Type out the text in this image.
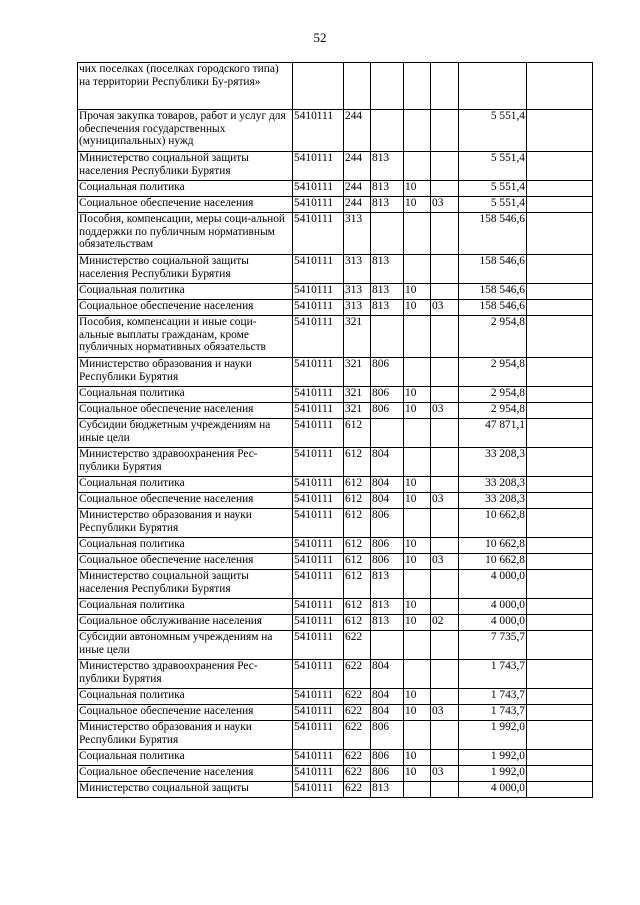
52
чих поселках (поселках городского типа) на территории Республики Бу-рятия»							
Прочая закупка товаров, работ и услуг для обеспечения государственных (муниципальных) нужд	5410111	244				5 551,4	
Министерство социальной защиты населения Республики Бурятия	5410111	244	813			5 551,4	
Социальная политика	5410111	244	813	10		5 551,4	
Социальное обеспечение населения	5410111	244	813	10	03	5 551,4	
Пособия, компенсации, меры соци-альной поддержки по публичным нормативным обязательствам	5410111	313				158 546,6	
Министерство социальной защиты населения Республики Бурятия	5410111	313	813			158 546,6	
Социальная политика	5410111	313	813	10		158 546,6	
Социальное обеспечение населения	5410111	313	813	10	03	158 546,6	
Пособия, компенсации и иные соци-альные выплаты гражданам, кроме публичных нормативных обязательств	5410111	321				2 954,8	
Министерство образования и науки Республики Бурятия	5410111	321	806			2 954,8	
Социальная политика	5410111	321	806	10		2 954,8	
Социальное обеспечение населения	5410111	321	806	10	03	2 954,8	
Субсидии бюджетным учреждениям на иные цели	5410111	612				47 871,1	
Министерство здравоохранения Рес-публики Бурятия	5410111	612	804			33 208,3	
Социальная политика	5410111	612	804	10		33 208,3	
Социальное обеспечение населения	5410111	612	804	10	03	33 208,3	
Министерство образования и науки Республики Бурятия	5410111	612	806			10 662,8	
Социальная политика	5410111	612	806	10		10 662,8	
Социальное обеспечение населения	5410111	612	806	10	03	10 662,8	
Министерство социальной защиты населения Республики Бурятия	5410111	612	813			4 000,0	
Социальная политика	5410111	612	813	10		4 000,0	
Социальное обслуживание населения	5410111	612	813	10	02	4 000,0	
Субсидии автономным учреждениям на иные цели	5410111	622				7 735,7	
Министерство здравоохранения Рес-публики Бурятия	5410111	622	804			1 743,7	
Социальная политика	5410111	622	804	10		1 743,7	
Социальное обеспечение населения	5410111	622	804	10	03	1 743,7	
Министерство образования и науки Республики Бурятия	5410111	622	806			1 992,0	
Социальная политика	5410111	622	806	10		1 992,0	
Социальное обеспечение населения	5410111	622	806	10	03	1 992,0	
Министерство социальной защиты	5410111	622	813			4 000,0	
